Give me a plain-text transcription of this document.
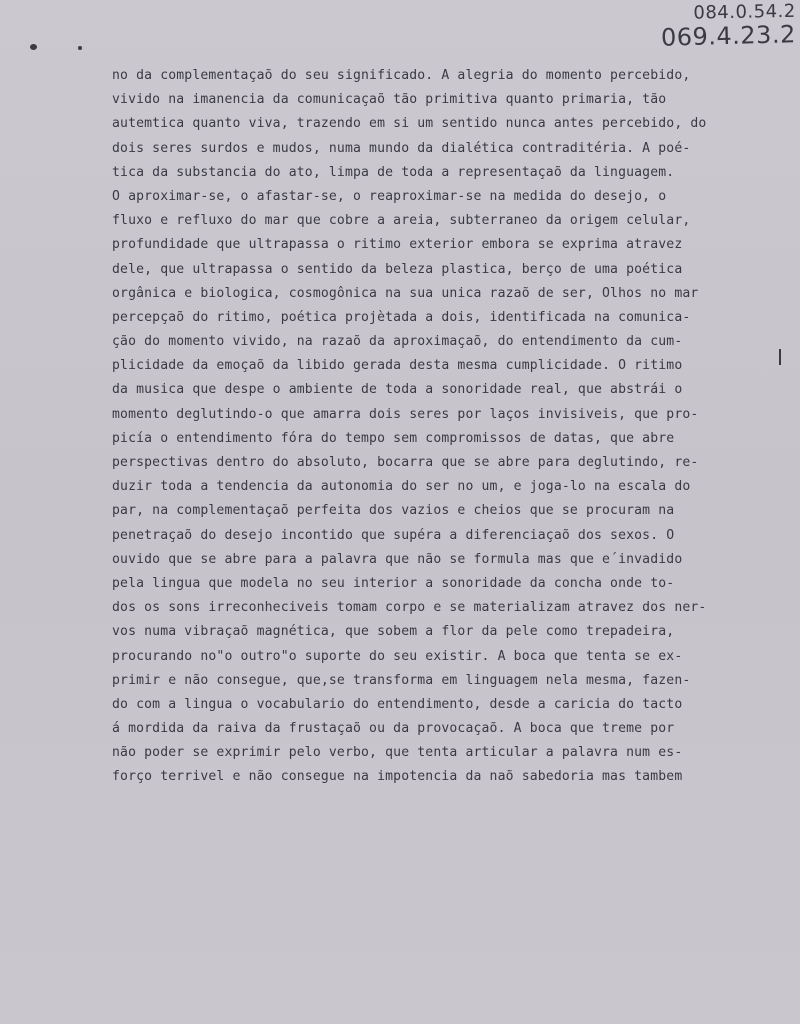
084.0.54.2
069.4.23.2
no da complementaçaõ do seu significado. A alegria do momento percebido,
vivido na imanencia da comunicaçaõ tão primitiva quanto primaria, tão
autemtica quanto viva, trazendo em si um sentido nunca antes percebido, do
dois seres surdos e mudos, numa mundo da dialética contraditéria. A poé-
tica da substancia do ato, limpa de toda a representaçaõ da linguagem.
O aproximar-se, o afastar-se, o reaproximar-se na medida do desejo, o
fluxo e refluxo do mar que cobre a areia, subterraneo da origem celular,
profundidade que ultrapassa o ritimo exterior embora se exprima atravez
dele, que ultrapassa o sentido da beleza plastica, berço de uma poética
orgânica e biologica, cosmogônica na sua unica razaõ de ser, Olhos no mar
percepçaõ do ritimo, poética projètada a dois, identificada na comunica-
ção do momento vivido, na razaõ da aproximaçaõ, do entendimento da cum-
plicidade da emoçaõ da libido gerada desta mesma cumplicidade. O ritimo
da musica que despe o ambiente de toda a sonoridade real, que abstrái o
momento deglutindo-o que amarra dois seres por laços invisiveis, que pro-
picía o entendimento fóra do tempo sem compromissos de datas, que abre
perspectivas dentro do absoluto, bocarra que se abre para deglutindo, re-
duzir toda a tendencia da autonomia do ser no um, e joga-lo na escala do
par, na complementaçaõ perfeita dos vazios e cheios que se procuram na
penetraçaõ do desejo incontido que supéra a diferenciaçaõ dos sexos. O
ouvido que se abre para a palavra que não se formula mas que e´invadido
pela lingua que modela no seu interior a sonoridade da concha onde to-
dos os sons irreconheciveis tomam corpo e se materializam atravez dos ner-
vos numa vibraçaõ magnética, que sobem a flor da pele como trepadeira,
procurando no"o outro"o suporte do seu existir. A boca que tenta se ex-
primir e não consegue, que,se transforma em linguagem nela mesma, fazen-
do com a lingua o vocabulario do entendimento, desde a caricia do tacto
á mordida da raiva da frustaçaõ ou da provocaçaõ. A boca que treme por
não poder se exprimir pelo verbo, que tenta articular a palavra num es-
forço terrivel e não consegue na impotencia da naõ sabedoria mas tambem
